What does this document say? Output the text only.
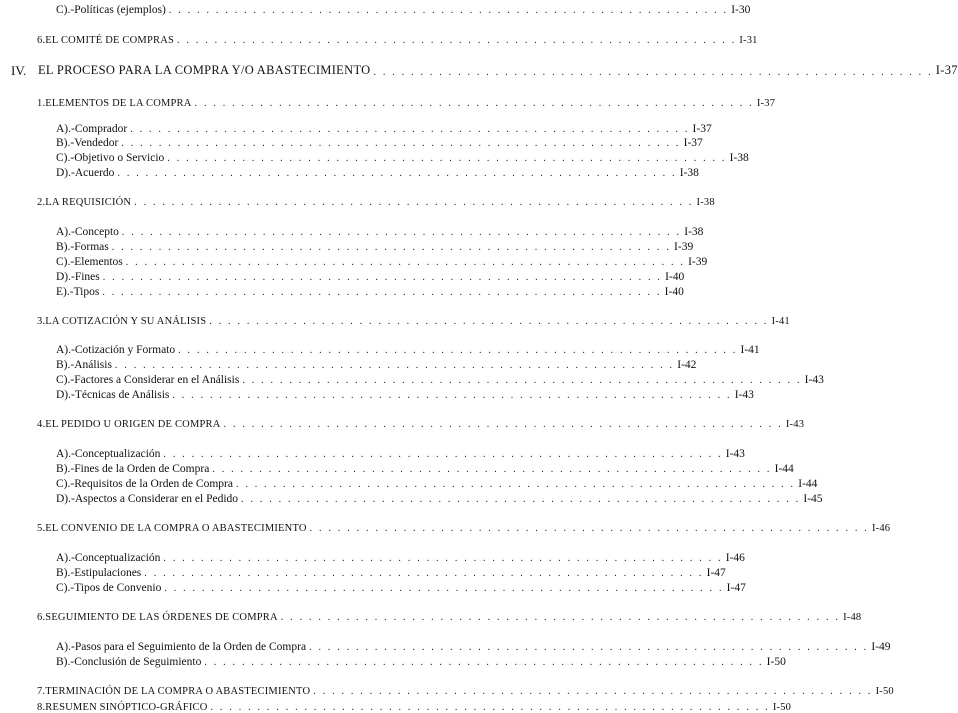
C).- Políticas (ejemplos) . . . . . . . . . . . . . . . . . . . . . . . . . . . . . . . . . . . . . . . . . . . . . . . . . . . . . . . . . . . . I-30
6. EL COMITÉ DE COMPRAS . . . . . . . . . . . . . . . . . . . . . . . . . . . . . . . . . . . . . . . . . . . . . . . . . . . . . . . . . . . . I-31
EL PROCESO PARA LA COMPRA Y/O ABASTECIMIENTO . . . . . . . . . . . . . . . . . . . . . . . . . . . . . . . . . . . . . . . . . . . . . . . . . . . . . . . . . . . . I-37
1. ELEMENTOS DE LA COMPRA . . . . . . . . . . . . . . . . . . . . . . . . . . . . . . . . . . . . . . . . . . . . . . . . . . . . . . . . . . . . I-37
A).- Comprador . . . . . . . . . . . . . . . . . . . . . . . . . . . . . . . . . . . . . . . . . . . . . . . . . . . . . . . . . . . . I-37
B).- Vendedor . . . . . . . . . . . . . . . . . . . . . . . . . . . . . . . . . . . . . . . . . . . . . . . . . . . . . . . . . . . . I-37
C).- Objetivo o Servicio . . . . . . . . . . . . . . . . . . . . . . . . . . . . . . . . . . . . . . . . . . . . . . . . . . . . . . . . . . . . I-38
D).- Acuerdo . . . . . . . . . . . . . . . . . . . . . . . . . . . . . . . . . . . . . . . . . . . . . . . . . . . . . . . . . . . . I-38
2. LA REQUISICIÓN . . . . . . . . . . . . . . . . . . . . . . . . . . . . . . . . . . . . . . . . . . . . . . . . . . . . . . . . . . . . I-38
A).- Concepto . . . . . . . . . . . . . . . . . . . . . . . . . . . . . . . . . . . . . . . . . . . . . . . . . . . . . . . . . . . . I-38
B).- Formas . . . . . . . . . . . . . . . . . . . . . . . . . . . . . . . . . . . . . . . . . . . . . . . . . . . . . . . . . . . . I-39
C).- Elementos . . . . . . . . . . . . . . . . . . . . . . . . . . . . . . . . . . . . . . . . . . . . . . . . . . . . . . . . . . . . I-39
D).- Fines . . . . . . . . . . . . . . . . . . . . . . . . . . . . . . . . . . . . . . . . . . . . . . . . . . . . . . . . . . . . I-40
E).- Tipos . . . . . . . . . . . . . . . . . . . . . . . . . . . . . . . . . . . . . . . . . . . . . . . . . . . . . . . . . . . . I-40
3. LA COTIZACIÓN Y SU ANÁLISIS . . . . . . . . . . . . . . . . . . . . . . . . . . . . . . . . . . . . . . . . . . . . . . . . . . . . . . . . . . . . I-41
A).- Cotización y Formato . . . . . . . . . . . . . . . . . . . . . . . . . . . . . . . . . . . . . . . . . . . . . . . . . . . . . . . . . . . . I-41
B).- Análisis . . . . . . . . . . . . . . . . . . . . . . . . . . . . . . . . . . . . . . . . . . . . . . . . . . . . . . . . . . . . I-42
C).- Factores a Considerar en el Análisis . . . . . . . . . . . . . . . . . . . . . . . . . . . . . . . . . . . . . . . . . . . . . . . . . . . . . . . . . . . . I-43
D).- Técnicas de Análisis . . . . . . . . . . . . . . . . . . . . . . . . . . . . . . . . . . . . . . . . . . . . . . . . . . . . . . . . . . . . I-43
4. EL PEDIDO U ORIGEN DE COMPRA . . . . . . . . . . . . . . . . . . . . . . . . . . . . . . . . . . . . . . . . . . . . . . . . . . . . . . . . . . . . I-43
A).- Conceptualización . . . . . . . . . . . . . . . . . . . . . . . . . . . . . . . . . . . . . . . . . . . . . . . . . . . . . . . . . . . . I-43
B).- Fines de la Orden de Compra . . . . . . . . . . . . . . . . . . . . . . . . . . . . . . . . . . . . . . . . . . . . . . . . . . . . . . . . . . . . I-44
C).- Requisitos de la Orden de Compra . . . . . . . . . . . . . . . . . . . . . . . . . . . . . . . . . . . . . . . . . . . . . . . . . . . . . . . . . . . . I-44
D).- Aspectos a Considerar en el Pedido . . . . . . . . . . . . . . . . . . . . . . . . . . . . . . . . . . . . . . . . . . . . . . . . . . . . . . . . . . . . I-45
5. EL CONVENIO DE LA COMPRA O ABASTECIMIENTO . . . . . . . . . . . . . . . . . . . . . . . . . . . . . . . . . . . . . . . . . . . . . . . . . . . . . . . . . . . . I-46
A).- Conceptualización . . . . . . . . . . . . . . . . . . . . . . . . . . . . . . . . . . . . . . . . . . . . . . . . . . . . . . . . . . . . I-46
B).- Estipulaciones . . . . . . . . . . . . . . . . . . . . . . . . . . . . . . . . . . . . . . . . . . . . . . . . . . . . . . . . . . . . I-47
C).- Tipos de Convenio . . . . . . . . . . . . . . . . . . . . . . . . . . . . . . . . . . . . . . . . . . . . . . . . . . . . . . . . . . . . I-47
6. SEGUIMIENTO DE LAS ÓRDENES DE COMPRA . . . . . . . . . . . . . . . . . . . . . . . . . . . . . . . . . . . . . . . . . . . . . . . . . . . . . . . . . . . . I-48
A).- Pasos para el Seguimiento de la Orden de Compra . . . . . . . . . . . . . . . . . . . . . . . . . . . . . . . . . . . . . . . . . . . . . . . . . . . . . . . . . . . . I-49
B).- Conclusión de Seguimiento . . . . . . . . . . . . . . . . . . . . . . . . . . . . . . . . . . . . . . . . . . . . . . . . . . . . . . . . . . . . I-50
7. TERMINACIÓN DE LA COMPRA O ABASTECIMIENTO . . . . . . . . . . . . . . . . . . . . . . . . . . . . . . . . . . . . . . . . . . . . . . . . . . . . . . . . . . . . I-50
8. RESUMEN SINÓPTICO-GRÁFICO . . . . . . . . . . . . . . . . . . . . . . . . . . . . . . . . . . . . . . . . . . . . . . . . . . . . . . . . . . . . I-50
IV.
